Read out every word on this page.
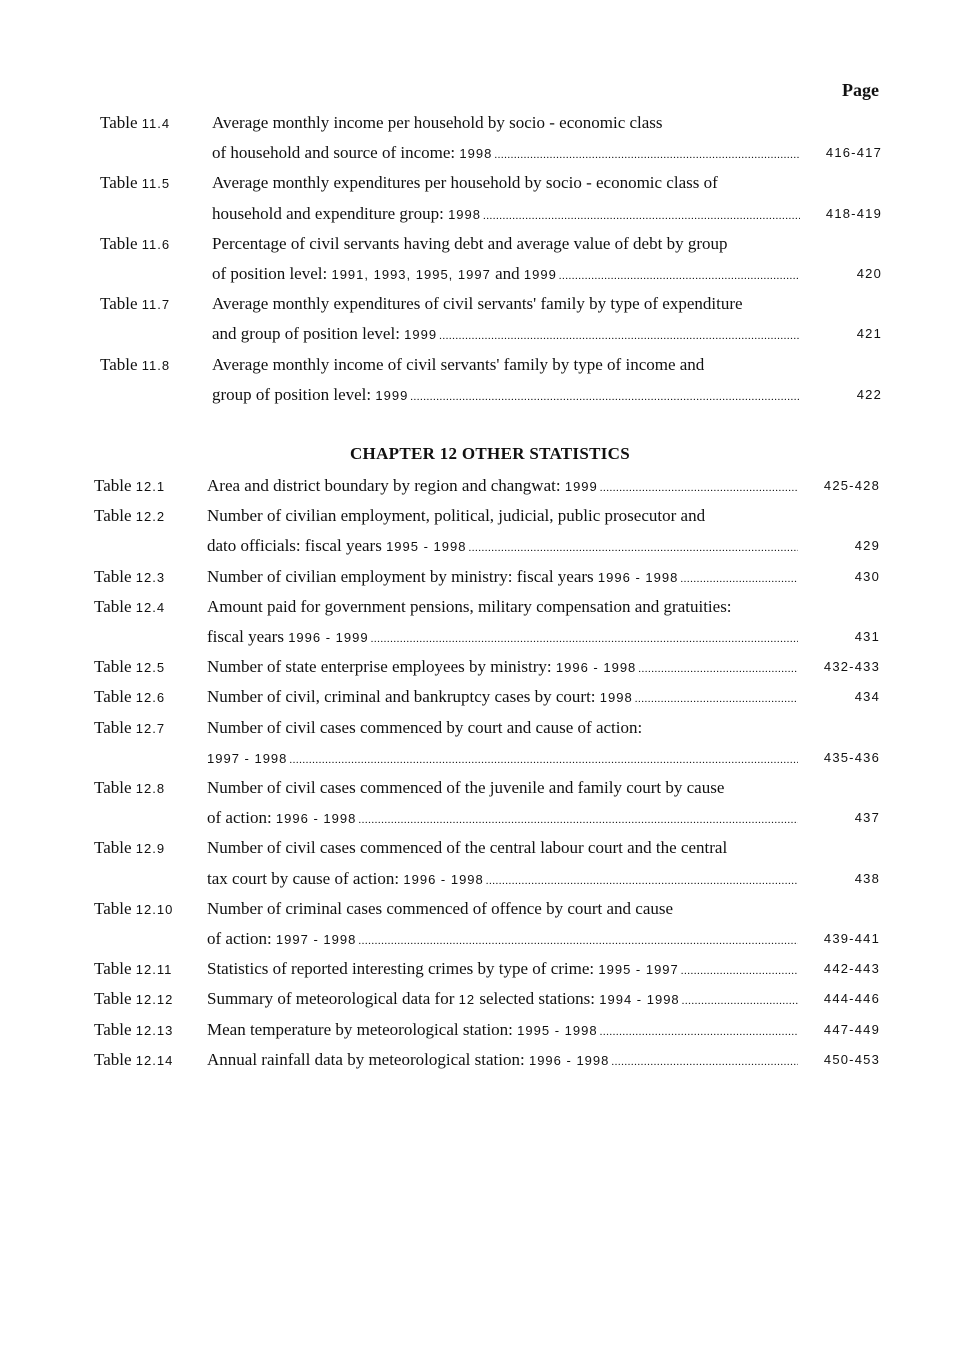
Page
CHAPTER 12 OTHER STATISTICS
Table 11.4 Average monthly income per household by socio - economic class
of household and source of income: 1998 .....	416-417
Table 11.5 Average monthly expenditures per household by socio - economic class of
household and expenditure group: 1998 .....	418-419
Table 11.6 Percentage of civil servants having debt and average value of debt by group
of position level: 1991, 1993, 1995, 1997 and 1999 .....	420
Table 11.7 Average monthly expenditures of civil servants' family by type of expenditure
and group of position level: 1999 .....	421
Table 11.8 Average monthly income of civil servants' family by type of income and
group of position level: 1999 .....	422
Table 12.1 Area and district boundary by region and changwat: 1999 .....	425-428
Table 12.2 Number of civilian employment, political, judicial, public prosecutor and
dato officials: fiscal years 1995 - 1998 .....	429
Table 12.3 Number of civilian employment by ministry: fiscal years 1996 - 1998 .....	430
Table 12.4 Amount paid for government pensions, military compensation and gratuities:
fiscal years 1996 - 1999 .....	431
Table 12.5 Number of state enterprise employees by ministry: 1996 - 1998 .....	432-433
Table 12.6 Number of civil, criminal and bankruptcy cases by court: 1998 .....	434
Table 12.7 Number of civil cases commenced by court and cause of action:
1997 - 1998 .....	435-436
Table 12.8 Number of civil cases commenced of the juvenile and family court by cause
of action: 1996 - 1998 .....	437
Table 12.9 Number of civil cases commenced of the central labour court and the central
tax court by cause of action: 1996 - 1998 .....	438
Table 12.10 Number of criminal cases commenced of offence by court and cause
of action: 1997 - 1998 .....	439-441
Table 12.11 Statistics of reported interesting crimes by type of crime: 1995 - 1997 .....	442-443
Table 12.12 Summary of meteorological data for 12 selected stations: 1994 - 1998 .....	444-446
Table 12.13 Mean temperature by meteorological station: 1995 - 1998 .....	447-449
Table 12.14 Annual rainfall data by meteorological station: 1996 - 1998 .....	450-453
